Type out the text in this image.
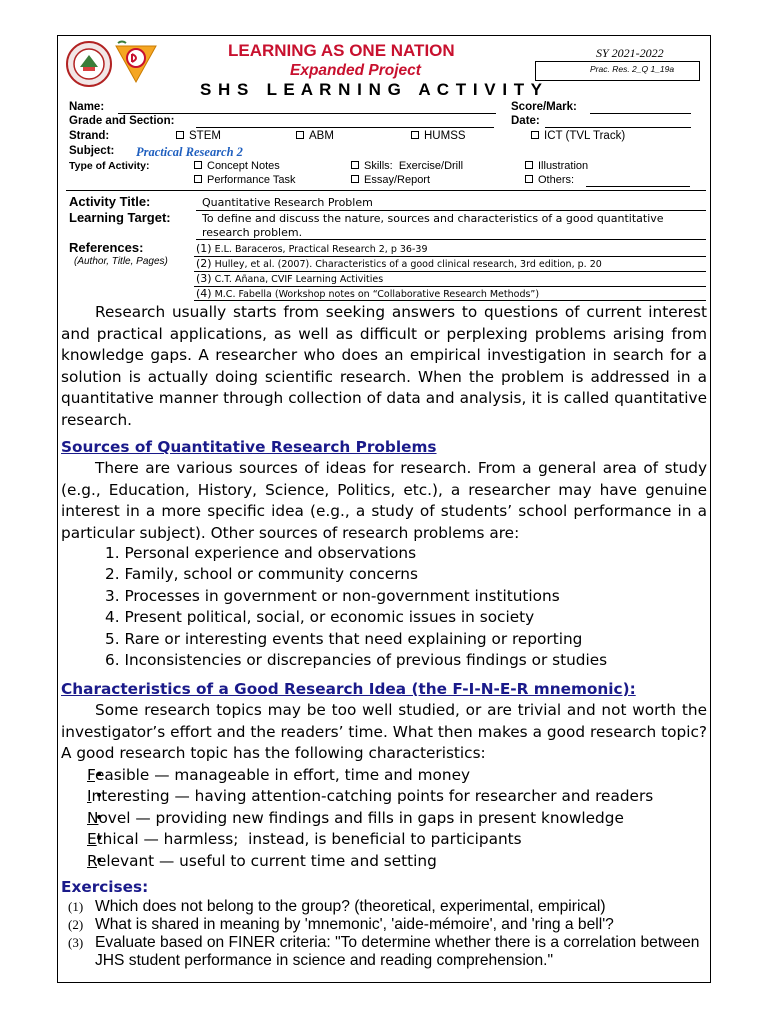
LEARNING AS ONE NATION
Expanded Project
SY 2021-2022
Prac. Res. 2_Q 1_19a
S H S   L E A R N I N G   A C T I V I T Y
Name:	Score/Mark:
Grade and Section:	Date:
Strand:	STEM	ABM	HUMSS	ICT (TVL Track)
Subject: Practical Research 2
Type of Activity:	Concept Notes	Skills:  Exercise/Drill	Illustration
Performance Task	Essay/Report	Others:
Activity Title:	Quantitative Research Problem
Learning Target:	To define and discuss the nature, sources and characteristics of a good quantitative research problem.
References:
(Author, Title, Pages)
(1) E.L. Baraceros, Practical Research 2, p 36-39
(2) Hulley, et al. (2007). Characteristics of a good clinical research, 3rd edition, p. 20
(3) C.T. Añana, CVIF Learning Activities
(4) M.C. Fabella (Workshop notes on “Collaborative Research Methods”)

Research usually starts from seeking answers to questions of current interest and practical applications, as well as difficult or perplexing problems arising from knowledge gaps. A researcher who does an empirical investigation in search for a solution is actually doing scientific research. When the problem is addressed in a quantitative manner through collection of data and analysis, it is called quantitative research.

Sources of Quantitative Research Problems

There are various sources of ideas for research. From a general area of study (e.g., Education, History, Science, Politics, etc.), a researcher may have genuine interest in a more specific idea (e.g., a study of students’ school performance in a particular subject). Other sources of research problems are:

1. Personal experience and observations
2. Family, school or community concerns
3. Processes in government or non-government institutions
4. Present political, social, or economic issues in society
5. Rare or interesting events that need explaining or reporting
6. Inconsistencies or discrepancies of previous findings or studies
Characteristics of a Good Research Idea (the F-I-N-E-R mnemonic):

Some research topics may be too well studied, or are trivial and not worth the investigator’s effort and the readers’ time. What then makes a good research topic? A good research topic has the following characteristics:

• Feasible — manageable in effort, time and money
• Interesting — having attention-catching points for researcher and readers
• Novel — providing new findings and fills in gaps in present knowledge
• Ethical — harmless;  instead, is beneficial to participants
• Relevant — useful to current time and setting
Exercises:
(1) Which does not belong to the group? (theoretical, experimental, empirical)
(2) What is shared in meaning by 'mnemonic', 'aide-mémoire', and 'ring a bell'?
(3) Evaluate based on FINER criteria: "To determine whether there is a correlation between JHS student performance in science and reading comprehension."
